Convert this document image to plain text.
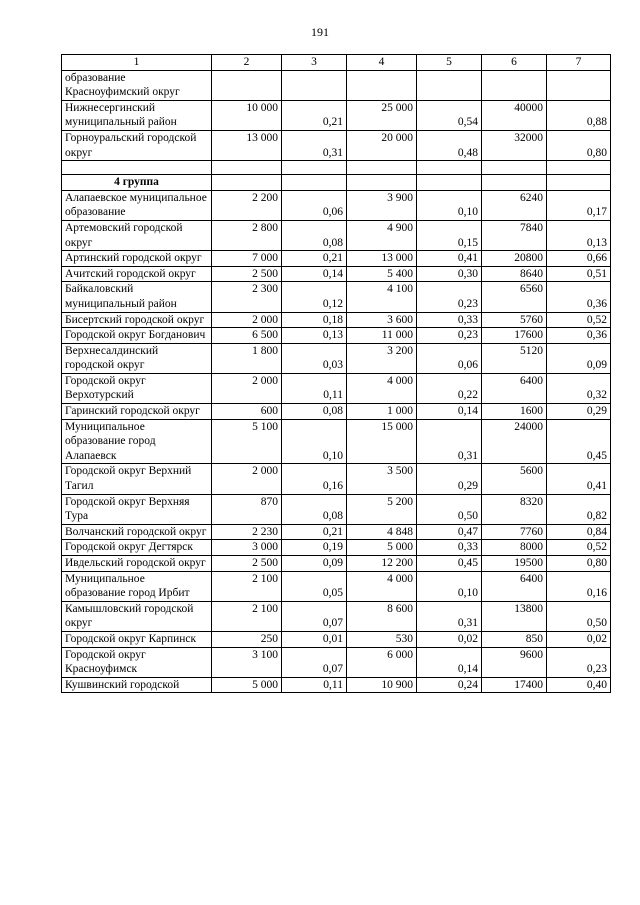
191
1	2	3	4	5	6	7
образование Красноуфимский округ						
Нижнесергинский муниципальный район	10 000	0,21	25 000	0,54	40000	0,88
Горноуральский городской округ	13 000	0,31	20 000	0,48	32000	0,80

4 группа						
Алапаевское муниципальное образование	2 200	0,06	3 900	0,10	6240	0,17
Артемовский городской округ	2 800	0,08	4 900	0,15	7840	0,13
Артинский городской округ	7 000	0,21	13 000	0,41	20800	0,66
Ачитский городской округ	2 500	0,14	5 400	0,30	8640	0,51
Байкаловский муниципальный район	2 300	0,12	4 100	0,23	6560	0,36
Бисертский городской округ	2 000	0,18	3 600	0,33	5760	0,52
Городской округ Богданович	6 500	0,13	11 000	0,23	17600	0,36
Верхнесалдинский городской округ	1 800	0,03	3 200	0,06	5120	0,09
Городской округ Верхотурский	2 000	0,11	4 000	0,22	6400	0,32
Гаринский городской округ	600	0,08	1 000	0,14	1600	0,29
Муниципальное образование город Алапаевск	5 100	0,10	15 000	0,31	24000	0,45
Городской округ Верхний Тагил	2 000	0,16	3 500	0,29	5600	0,41
Городской округ Верхняя Тура	870	0,08	5 200	0,50	8320	0,82
Волчанский городской округ	2 230	0,21	4 848	0,47	7760	0,84
Городской округ Дегтярск	3 000	0,19	5 000	0,33	8000	0,52
Ивдельский городской округ	2 500	0,09	12 200	0,45	19500	0,80
Муниципальное образование город Ирбит	2 100	0,05	4 000	0,10	6400	0,16
Камышловский городской округ	2 100	0,07	8 600	0,31	13800	0,50
Городской округ Карпинск	250	0,01	530	0,02	850	0,02
Городской округ Красноуфимск	3 100	0,07	6 000	0,14	9600	0,23
Кушвинский городской	5 000	0,11	10 900	0,24	17400	0,40
